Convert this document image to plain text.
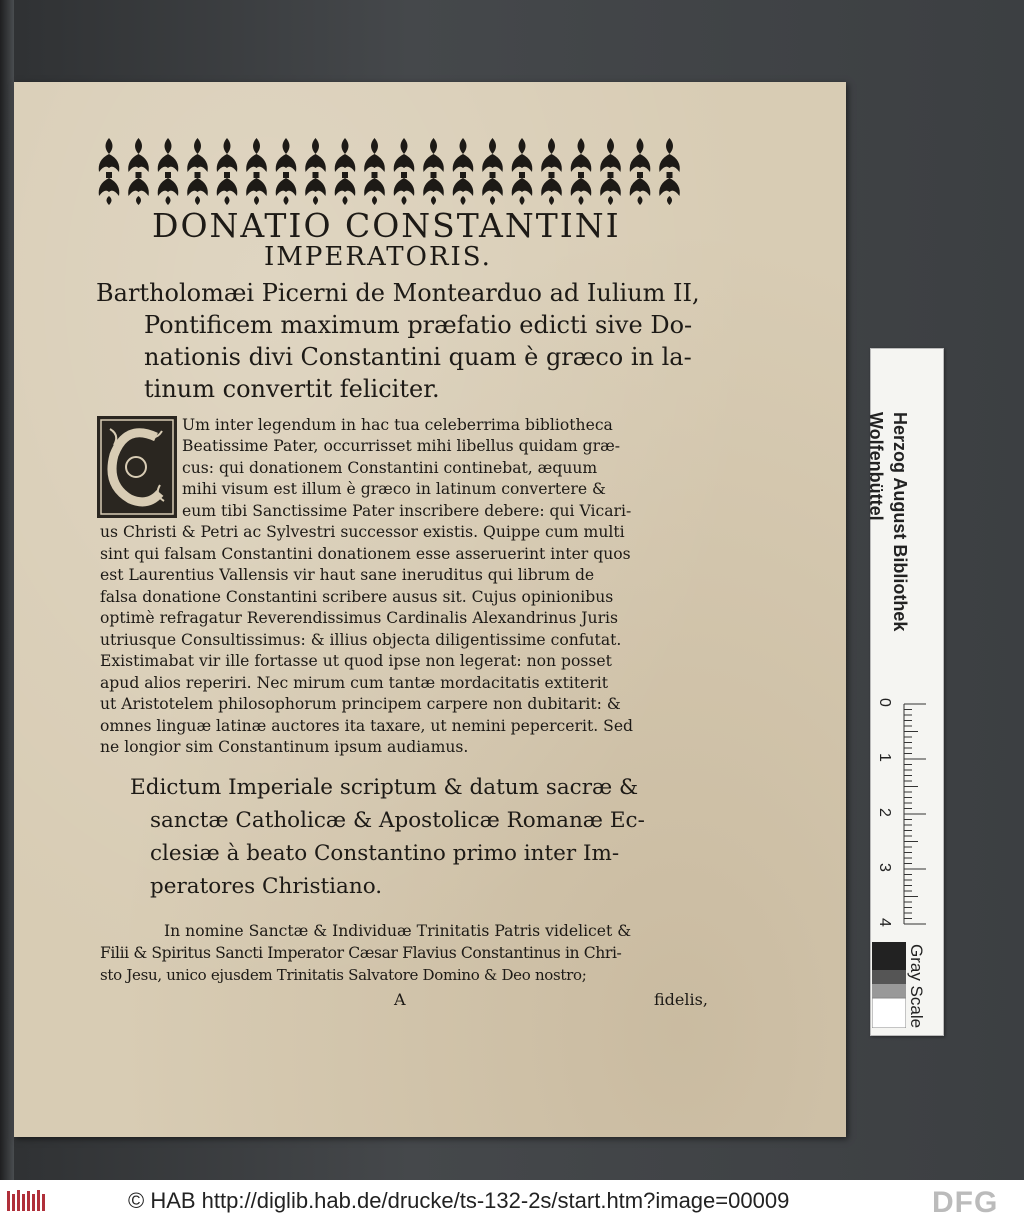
DONATIO CONSTANTINI
IMPERATORIS.
Bartholomæi Picerni de Montearduo ad Iulium II,
Pontificem maximum præfatio edicti sive Do-
nationis divi Constantini quam è græco in la-
tinum convertit feliciter.
Um inter legendum in hac tua celeberrima bibliotheca
Beatissime Pater, occurrisset mihi libellus quidam græ-
cus: qui donationem Constantini continebat, æquum
mihi visum est illum è græco in latinum convertere &
eum tibi Sanctissime Pater inscribere debere: qui Vicari-
us Christi & Petri ac Sylvestri successor existis. Quippe cum multi
sint qui falsam Constantini donationem esse asseruerint inter quos
est Laurentius Vallensis vir haut sane ineruditus qui librum de
falsa donatione Constantini scribere ausus sit. Cujus opinionibus
optimè refragatur Reverendissimus Cardinalis Alexandrinus Juris
utriusque Consultissimus: & illius objecta diligentissime confutat.
Existimabat vir ille fortasse ut quod ipse non legerat: non posset
apud alios reperiri. Nec mirum cum tantæ mordacitatis extiterit
ut Aristotelem philosophorum principem carpere non dubitarit: &
omnes linguæ latinæ auctores ita taxare, ut nemini pepercerit. Sed
ne longior sim Constantinum ipsum audiamus.
Edictum Imperiale scriptum & datum sacræ &
sanctæ Catholicæ & Apostolicæ Romanæ Ec-
clesiæ à beato Constantino primo inter Im-
peratores Christiano.
In nomine Sanctæ & Individuæ Trinitatis Patris videlicet &
Filii & Spiritus Sancti Imperator Cæsar Flavius Constantinus in Chri-
sto Jesu, unico ejusdem Trinitatis Salvatore Domino & Deo nostro;
A	fidelis,
Herzog August Bibliothek
Wolfenbüttel
0
1
2
3
4
Gray Scale
© HAB http://diglib.hab.de/drucke/ts-132-2s/start.htm?image=00009	DFG
